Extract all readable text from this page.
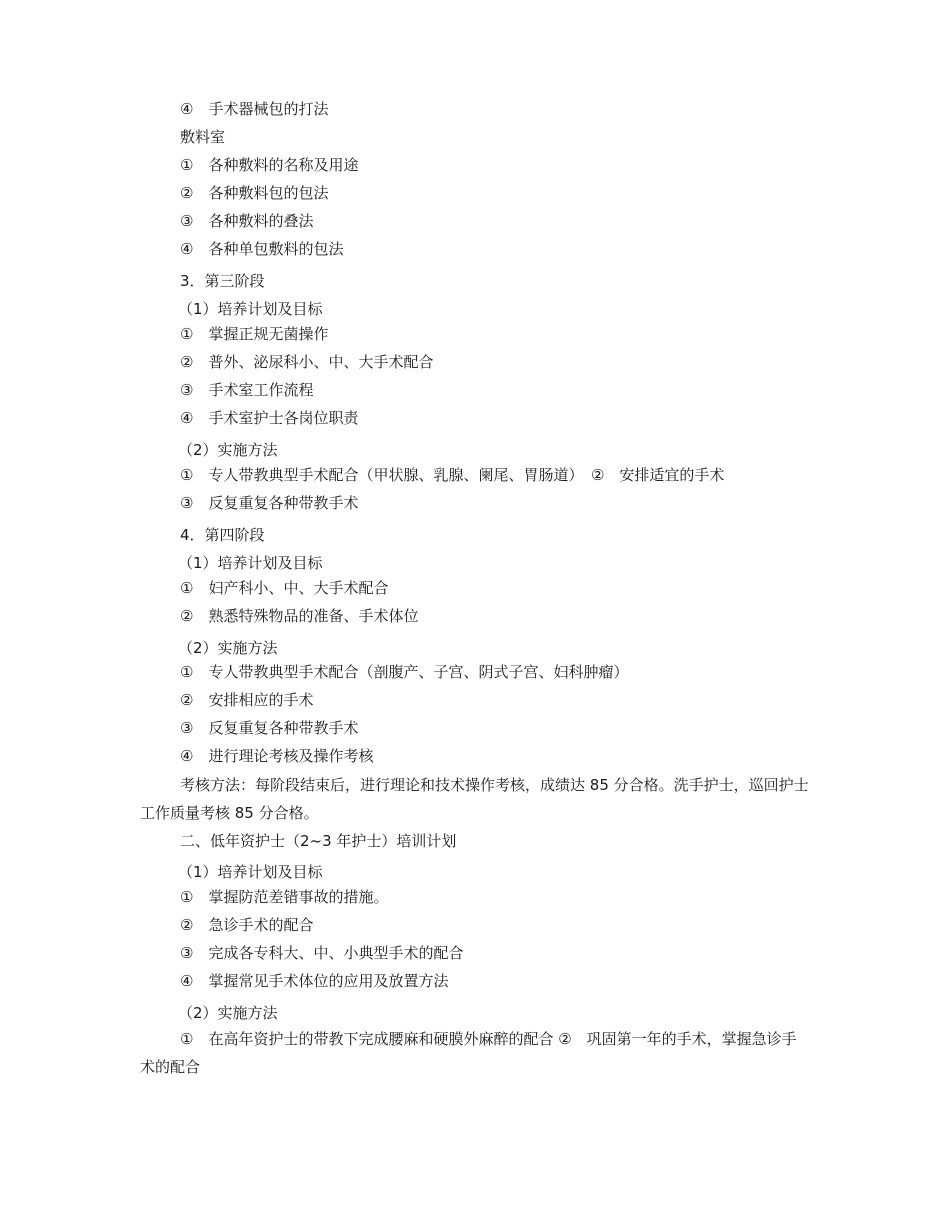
④　手术器械包的打法
敷料室
①　各种敷料的名称及用途
②　各种敷料包的包法
③　各种敷料的叠法
④　各种单包敷料的包法
3．第三阶段
（1）培养计划及目标
①　掌握正规无菌操作
②　普外、泌尿科小、中、大手术配合
③　手术室工作流程
④　手术室护士各岗位职责
（2）实施方法
①　专人带教典型手术配合（甲状腺、乳腺、阑尾、胃肠道）　②　安排适宜的手术
③　反复重复各种带教手术
4．第四阶段
（1）培养计划及目标
①　妇产科小、中、大手术配合
②　熟悉特殊物品的准备、手术体位
（2）实施方法
①　专人带教典型手术配合（剖腹产、子宫、阴式子宫、妇科肿瘤）
②　安排相应的手术
③　反复重复各种带教手术
④　进行理论考核及操作考核
考核方法：每阶段结束后，进行理论和技术操作考核，成绩达 85 分合格。洗手护士，巡回护士工作质量考核 85 分合格。
二、低年资护士（2~3 年护士）培训计划
（1）培养计划及目标
①　掌握防范差错事故的措施。
②　急诊手术的配合
③　完成各专科大、中、小典型手术的配合
④　掌握常见手术体位的应用及放置方法
（2）实施方法
①　在高年资护士的带教下完成腰麻和硬膜外麻醉的配合 ②　巩固第一年的手术，掌握急诊手术的配合
